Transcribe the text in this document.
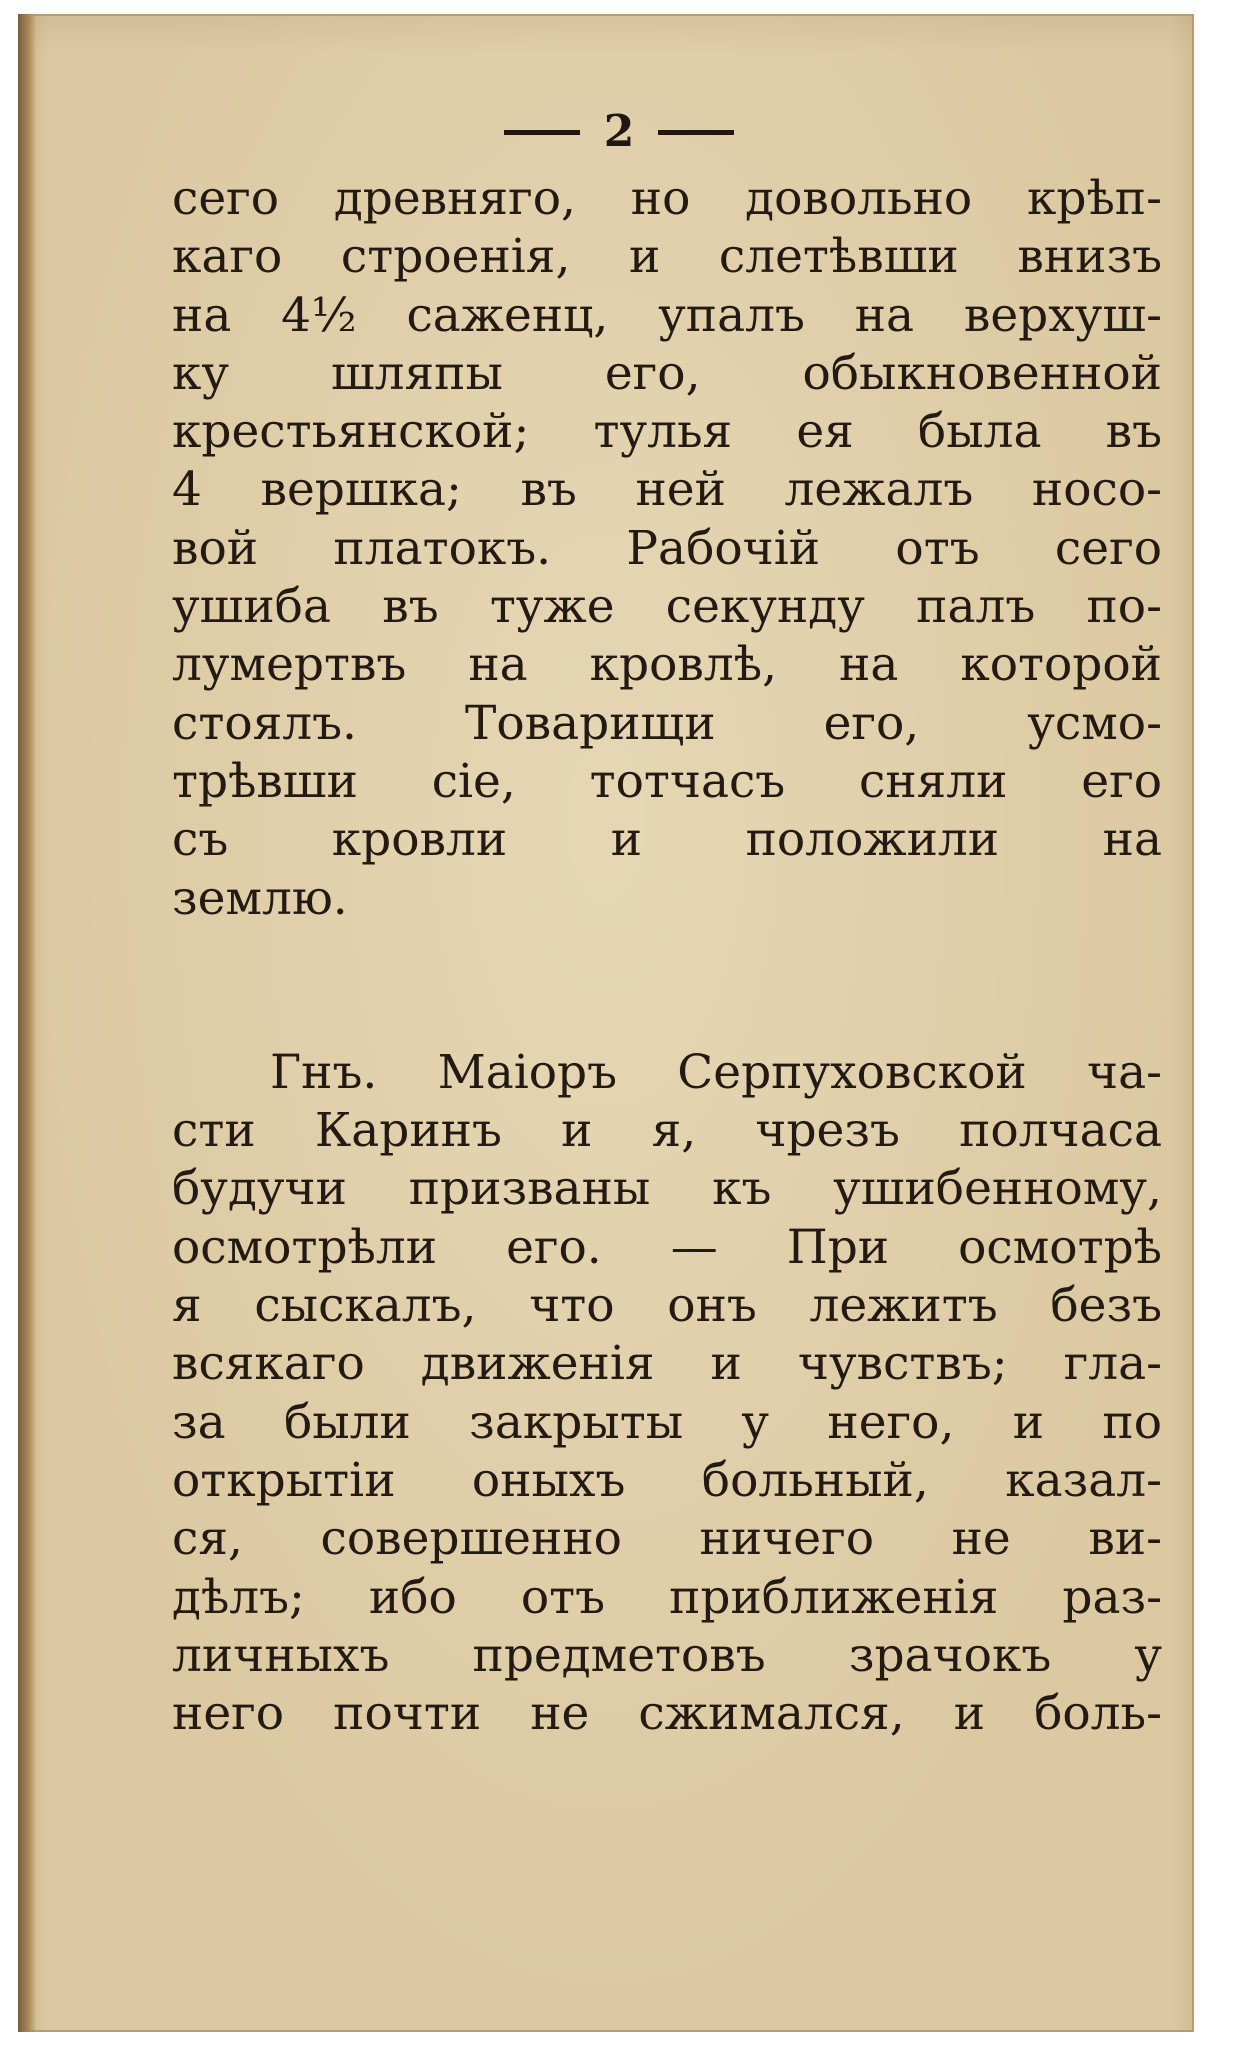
2
сего древняго, но довольно крѣп-
каго строенія, и слетѣвши внизъ
на 4½ саженц, упалъ на верхуш-
ку шляпы его, обыкновенной
крестьянской; тулья ея была въ
4 вершка; въ ней лежалъ носо-
вой платокъ. Рабочій отъ сего
ушиба въ туже секунду палъ по-
лумертвъ на кровлѣ, на которой
стоялъ. Товарищи его, усмо-
трѣвши сіе, тотчасъ сняли его
съ кровли и положили на
землю.
Гнъ. Маіоръ Серпуховской ча-
сти Каринъ и я, чрезъ полчаса
будучи призваны къ ушибенному,
осмотрѣли его. — При осмотрѣ
я сыскалъ, что онъ лежитъ безъ
всякаго движенія и чувствъ; гла-
за были закрыты у него, и по
открытіи оныхъ больный, казал-
ся, совершенно ничего не ви-
дѣлъ; ибо отъ приближенія раз-
личныхъ предметовъ зрачокъ у
него почти не сжимался, и боль-
